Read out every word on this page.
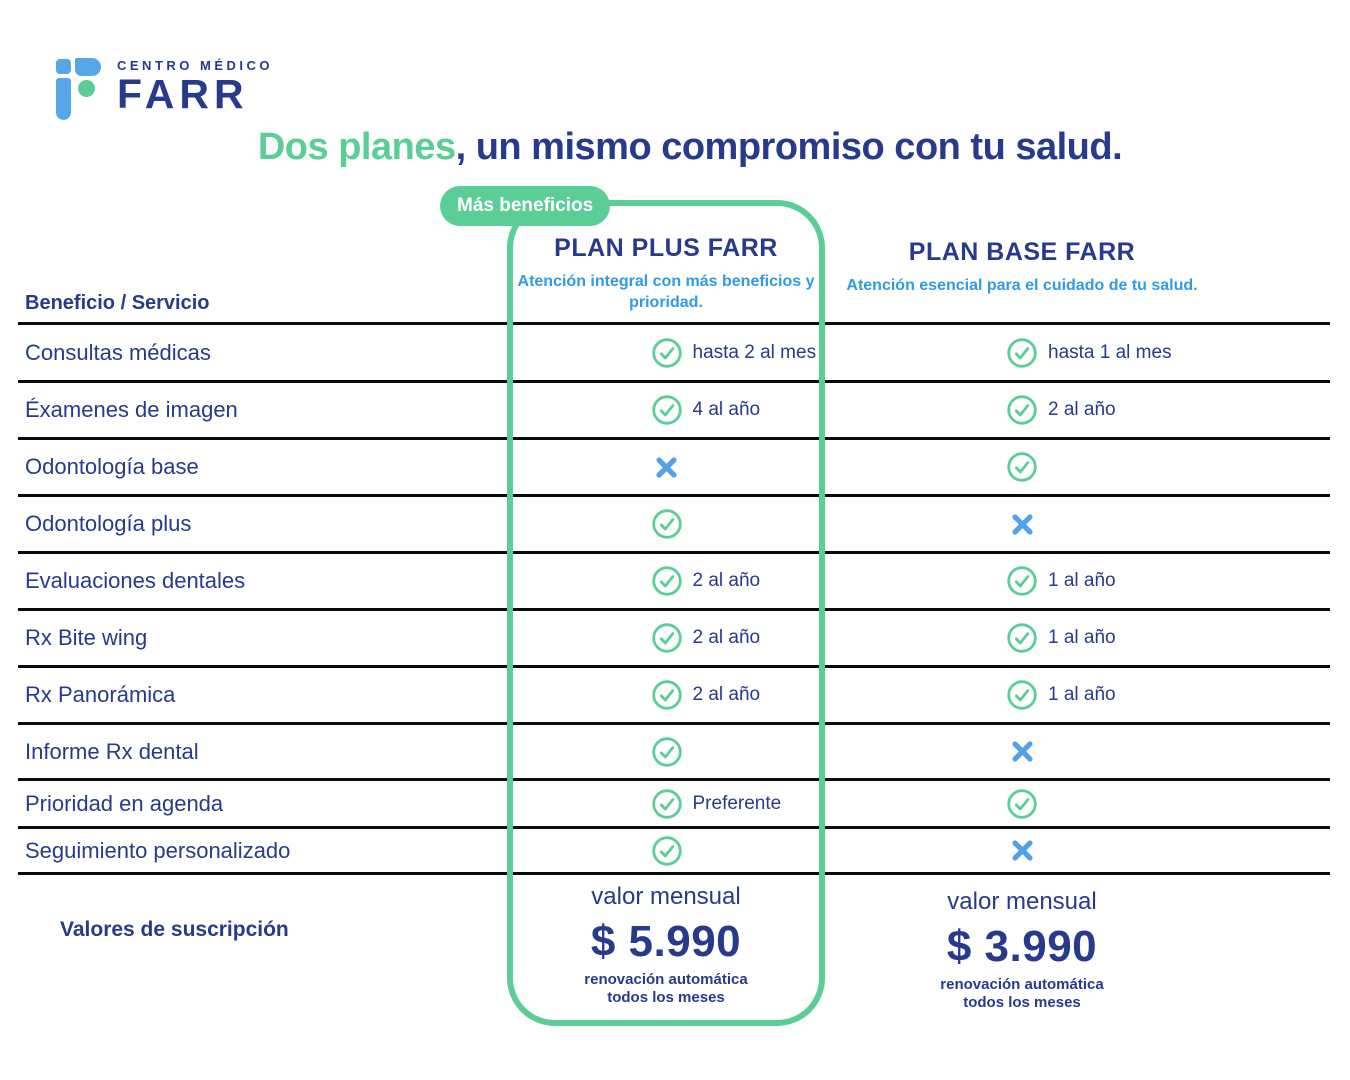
CENTRO MÉDICO
FARR
Dos planes, un mismo compromiso con tu salud.
Más beneficios
PLAN PLUS FARR
Atención integral con más beneficios y prioridad.
PLAN BASE FARR
Atención esencial para el cuidado de tu salud.
Beneficio / Servicio
Consultas médicas	hasta 2 al mes	hasta 1 al mes
Éxamenes de imagen	4 al año	2 al año
Odontología base
Odontología plus
Evaluaciones dentales	2 al año	1 al año
Rx Bite wing	2 al año	1 al año
Rx Panorámica	2 al año	1 al año
Informe Rx dental
Prioridad en agenda	Preferente
Seguimiento personalizado
Valores de suscripción
valor mensual
$ 5.990
renovación automática
todos los meses
valor mensual
$ 3.990
renovación automática
todos los meses
